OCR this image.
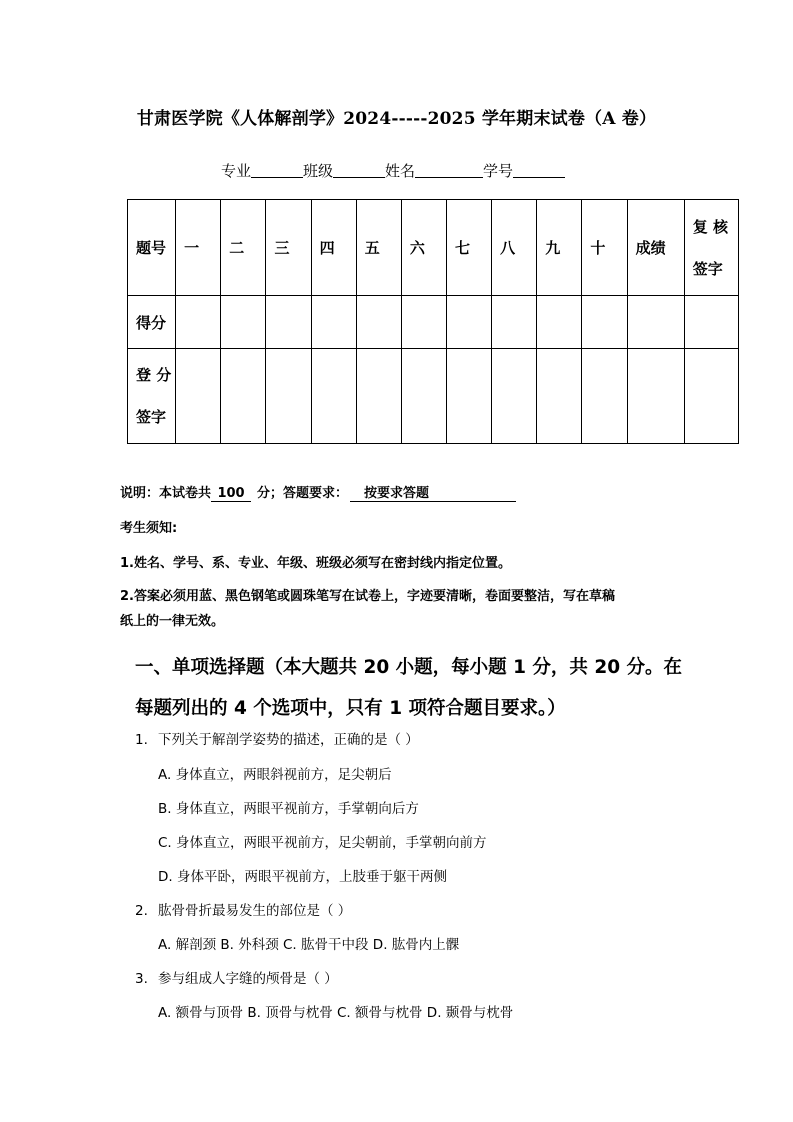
甘肃医学院《人体解剖学》2024-----2025 学年期末试卷（A 卷）
专业	班级	姓名	学号
题号	一	二	三	四	五	六	七	八	九	十	成绩	复 核
签字

得分												

登 分
签字												

说明：本试卷共 100 分；答题要求： 按要求答题
考生须知:
1.姓名、学号、系、专业、年级、班级必须写在密封线内指定位置。
2.答案必须用蓝、黑色钢笔或圆珠笔写在试卷上，字迹要清晰，卷面要整洁，写在草稿
纸上的一律无效。
一、单项选择题（本大题共 20 小题，每小题 1 分，共 20 分。在
每题列出的 4 个选项中，只有 1 项符合题目要求。）
1. 下列关于解剖学姿势的描述，正确的是（ ）
A. 身体直立，两眼斜视前方，足尖朝后
B. 身体直立，两眼平视前方，手掌朝向后方
C. 身体直立，两眼平视前方，足尖朝前，手掌朝向前方
D. 身体平卧，两眼平视前方，上肢垂于躯干两侧
2. 肱骨骨折最易发生的部位是（ ）
A. 解剖颈 B. 外科颈 C. 肱骨干中段 D. 肱骨内上髁
3. 参与组成人字缝的颅骨是（ ）
A. 额骨与顶骨 B. 顶骨与枕骨 C. 额骨与枕骨 D. 颞骨与枕骨
